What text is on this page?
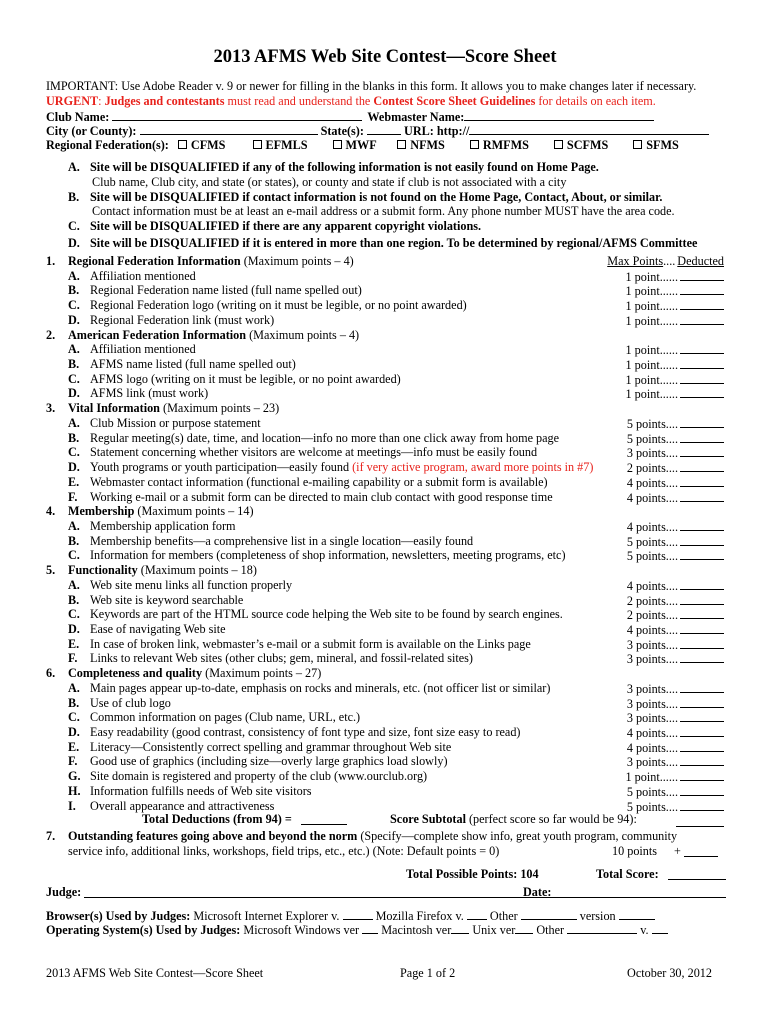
2013 AFMS Web Site Contest—Score Sheet
IMPORTANT: Use Adobe Reader v. 9 or newer for filling in the blanks in this form. It allows you to make changes later if necessary.
URGENT: Judges and contestants must read and understand the Contest Score Sheet Guidelines for details on each item.
Club Name:	Webmaster Name:
City (or County):	State(s):	URL: http://
Regional Federation(s): CFMS	EFMLS	MWF	NFMS	RMFMS	SCFMS	SFMS
A. Site will be DISQUALIFIED if any of the following information is not easily found on Home Page.
Club name, Club city, and state (or states), or county and state if club is not associated with a city
B. Site will be DISQUALIFIED if contact information is not found on the Home Page, Contact, About, or similar.
Contact information must be at least an e-mail address or a submit form. Any phone number MUST have the area code.
C. Site will be DISQUALIFIED if there are any apparent copyright violations.
D. Site will be DISQUALIFIED if it is entered in more than one region. To be determined by regional/AFMS Committee
1. Regional Federation Information (Maximum points – 4)	Max Points.... Deducted
A. Affiliation mentioned	1 point......
B. Regional Federation name listed (full name spelled out)	1 point......
C. Regional Federation logo (writing on it must be legible, or no point awarded)	1 point......
D. Regional Federation link (must work)	1 point......
2. American Federation Information (Maximum points – 4)
A. Affiliation mentioned	1 point......
B. AFMS name listed (full name spelled out)	1 point......
C. AFMS logo (writing on it must be legible, or no point awarded)	1 point......
D. AFMS link (must work)	1 point......
3. Vital Information (Maximum points – 23)
A. Club Mission or purpose statement	5 points....
B. Regular meeting(s) date, time, and location—info no more than one click away from home page	5 points....
C. Statement concerning whether visitors are welcome at meetings—info must be easily found	3 points....
D. Youth programs or youth participation—easily found (if very active program, award more points in #7)	2 points....
E. Webmaster contact information (functional e-mailing capability or a submit form is available)	4 points....
F. Working e-mail or a submit form can be directed to main club contact with good response time	4 points....
4. Membership (Maximum points – 14)
A. Membership application form	4 points....
B. Membership benefits—a comprehensive list in a single location—easily found	5 points....
C. Information for members (completeness of shop information, newsletters, meeting programs, etc)	5 points....
5. Functionality (Maximum points – 18)
A. Web site menu links all function properly	4 points....
B. Web site is keyword searchable	2 points....
C. Keywords are part of the HTML source code helping the Web site to be found by search engines.	2 points....
D. Ease of navigating Web site	4 points....
E. In case of broken link, webmaster’s e-mail or a submit form is available on the Links page	3 points....
F. Links to relevant Web sites (other clubs; gem, mineral, and fossil-related sites)	3 points....
6. Completeness and quality (Maximum points – 27)
A. Main pages appear up-to-date, emphasis on rocks and minerals, etc. (not officer list or similar)	3 points....
B. Use of club logo	3 points....
C. Common information on pages (Club name, URL, etc.)	3 points....
D. Easy readability (good contrast, consistency of font type and size, font size easy to read)	4 points....
E. Literacy—Consistently correct spelling and grammar throughout Web site	4 points....
F. Good use of graphics (including size—overly large graphics load slowly)	3 points....
G. Site domain is registered and property of the club (www.ourclub.org)	1 point......
H. Information fulfills needs of Web site visitors	5 points....
I. Overall appearance and attractiveness	5 points....
Total Deductions (from 94) =	Score Subtotal (perfect score so far would be 94):
7. Outstanding features going above and beyond the norm (Specify—complete show info, great youth program, community
service info, additional links, workshops, field trips, etc., etc.) (Note: Default points = 0)	10 points +
Total Possible Points: 104	Total Score:
Judge:	Date:
Browser(s) Used by Judges: Microsoft Internet Explorer v.	Mozilla Firefox v.  Other	version
Operating System(s) Used by Judges: Microsoft Windows ver  Macintosh ver Unix ver Other	v.
2013 AFMS Web Site Contest—Score Sheet	Page 1 of 2	October 30, 2012
